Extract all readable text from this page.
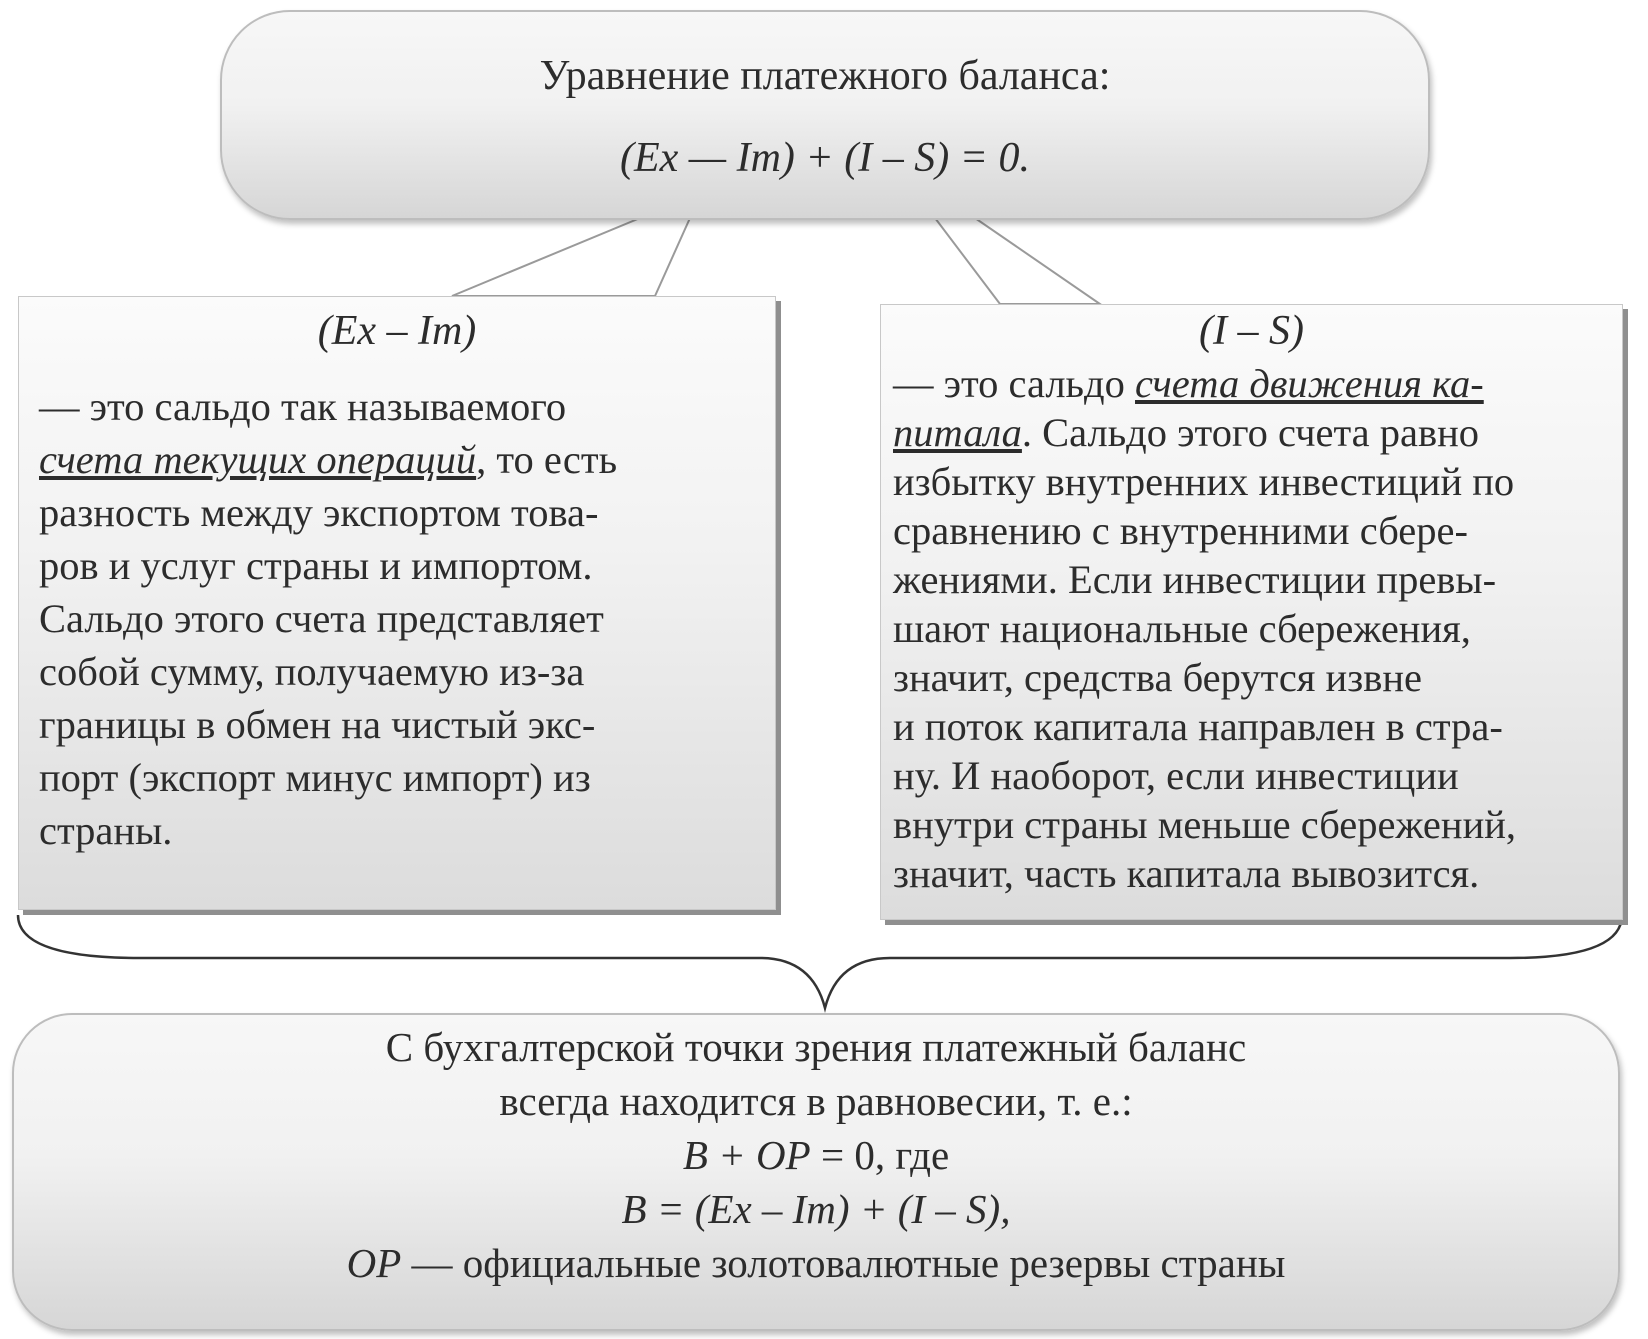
Уравнение платежного баланса:
(Ex — Im) + (I – S) = 0.
(Ex – Im)
— это сальдо так называемого
счета текущих операций, то есть
разность между экспортом това-
ров и услуг страны и импортом.
Сальдо этого счета представляет
собой сумму, получаемую из-за
границы в обмен на чистый экс-
порт (экспорт минус импорт) из
страны.
(I – S)
— это сальдо счета движения ка-
питала. Сальдо этого счета равно
избытку внутренних инвестиций по
сравнению с внутренними сбере-
жениями. Если инвестиции превы-
шают национальные сбережения,
значит, средства берутся извне
и поток капитала направлен в стра-
ну. И наоборот, если инвестиции
внутри страны меньше сбережений,
значит, часть капитала вывозится.
С бухгалтерской точки зрения платежный баланс
всегда находится в равновесии, т. е.:
B + OP = 0, где
B = (Ex – Im) + (I – S),
OP — официальные золотовалютные резервы страны
